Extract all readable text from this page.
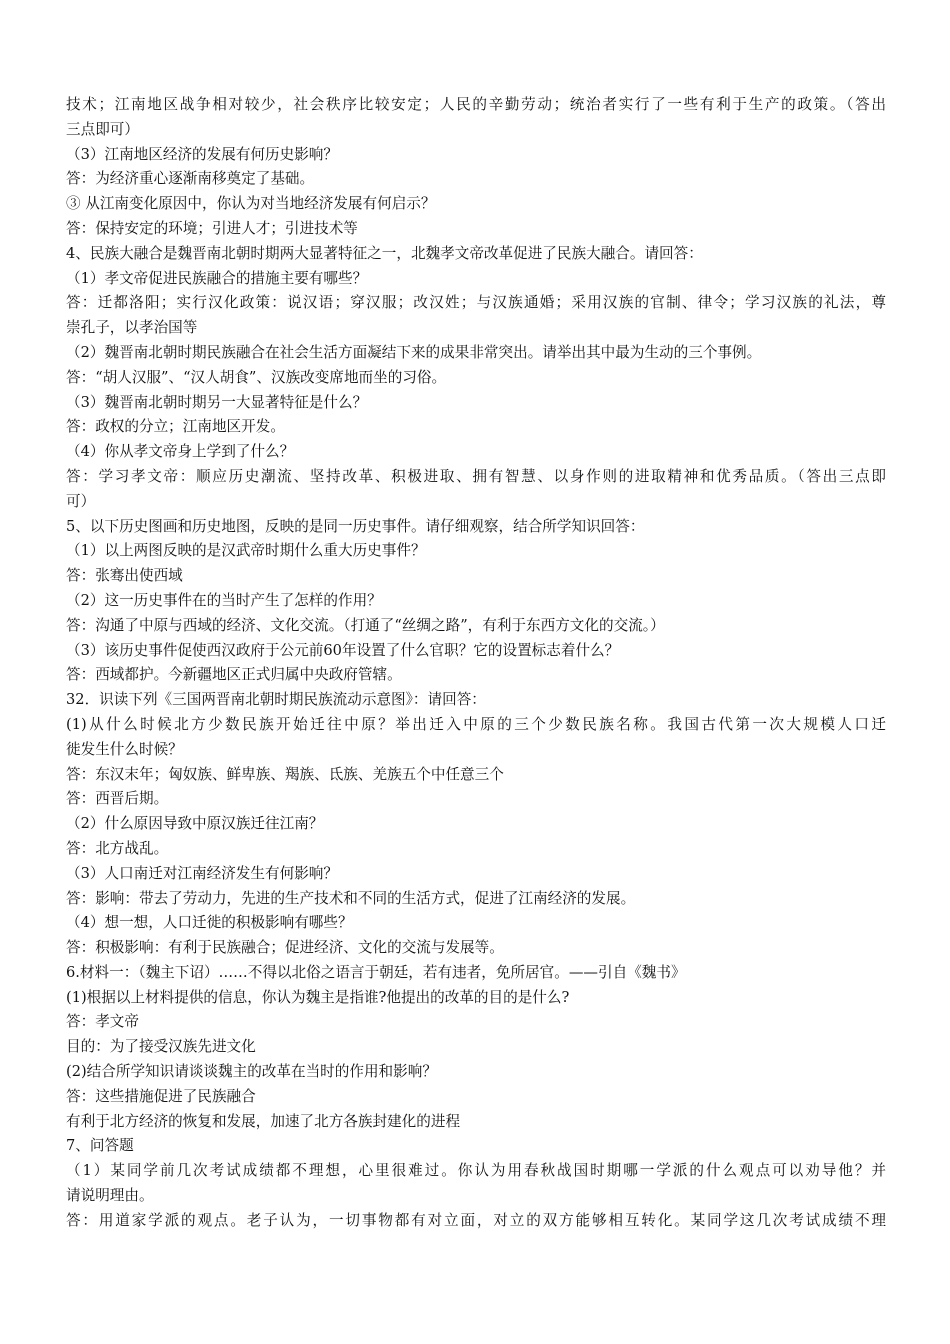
技术；江南地区战争相对较少，社会秩序比较安定；人民的辛勤劳动；统治者实行了一些有利于生产的政策。（答出
三点即可）
（3）江南地区经济的发展有何历史影响？
答：为经济重心逐渐南移奠定了基础。
③ 从江南变化原因中，你认为对当地经济发展有何启示？
答：保持安定的环境；引进人才；引进技术等
4、民族大融合是魏晋南北朝时期两大显著特征之一，北魏孝文帝改革促进了民族大融合。请回答：
（1）孝文帝促进民族融合的措施主要有哪些？
答：迁都洛阳；实行汉化政策：说汉语；穿汉服；改汉姓；与汉族通婚；采用汉族的官制、律令；学习汉族的礼法，尊
崇孔子，以孝治国等
（2）魏晋南北朝时期民族融合在社会生活方面凝结下来的成果非常突出。请举出其中最为生动的三个事例。
答：“胡人汉服”、“汉人胡食”、汉族改变席地而坐的习俗。
（3）魏晋南北朝时期另一大显著特征是什么？
答：政权的分立；江南地区开发。
（4）你从孝文帝身上学到了什么？
答：学习孝文帝：顺应历史潮流、坚持改革、积极进取、拥有智慧、以身作则的进取精神和优秀品质。（答出三点即
可）
5、以下历史图画和历史地图，反映的是同一历史事件。请仔细观察，结合所学知识回答：
（1）以上两图反映的是汉武帝时期什么重大历史事件？
答：张骞出使西域
（2）这一历史事件在的当时产生了怎样的作用？
答：沟通了中原与西域的经济、文化交流。（打通了“丝绸之路”，有利于东西方文化的交流。）
（3）该历史事件促使西汉政府于公元前60年设置了什么官职？它的设置标志着什么？
答：西域都护。今新疆地区正式归属中央政府管辖。
32．识读下列《三国两晋南北朝时期民族流动示意图》：请回答：
(1)从什么时候北方少数民族开始迁往中原？举出迁入中原的三个少数民族名称。我国古代第一次大规模人口迁
徙发生什么时候？
答：东汉末年；匈奴族、鲜卑族、羯族、氐族、羌族五个中任意三个
答：西晋后期。
（2）什么原因导致中原汉族迁往江南？
答：北方战乱。
（3）人口南迁对江南经济发生有何影响？
答：影响：带去了劳动力，先进的生产技术和不同的生活方式，促进了江南经济的发展。
（4）想一想，人口迁徙的积极影响有哪些？
答：积极影响：有利于民族融合；促进经济、文化的交流与发展等。
6.材料一：（魏主下诏）……不得以北俗之语言于朝廷，若有违者，免所居官。——引自《魏书》
(1)根据以上材料提供的信息，你认为魏主是指谁?他提出的改革的目的是什么?
答：孝文帝
目的：为了接受汉族先进文化
(2)结合所学知识请谈谈魏主的改革在当时的作用和影响？
答：这些措施促进了民族融合
有利于北方经济的恢复和发展，加速了北方各族封建化的进程
7、问答题
（1）某同学前几次考试成绩都不理想，心里很难过。你认为用春秋战国时期哪一学派的什么观点可以劝导他？并
请说明理由。
答：用道家学派的观点。老子认为，一切事物都有对立面，对立的双方能够相互转化。某同学这几次考试成绩不理
